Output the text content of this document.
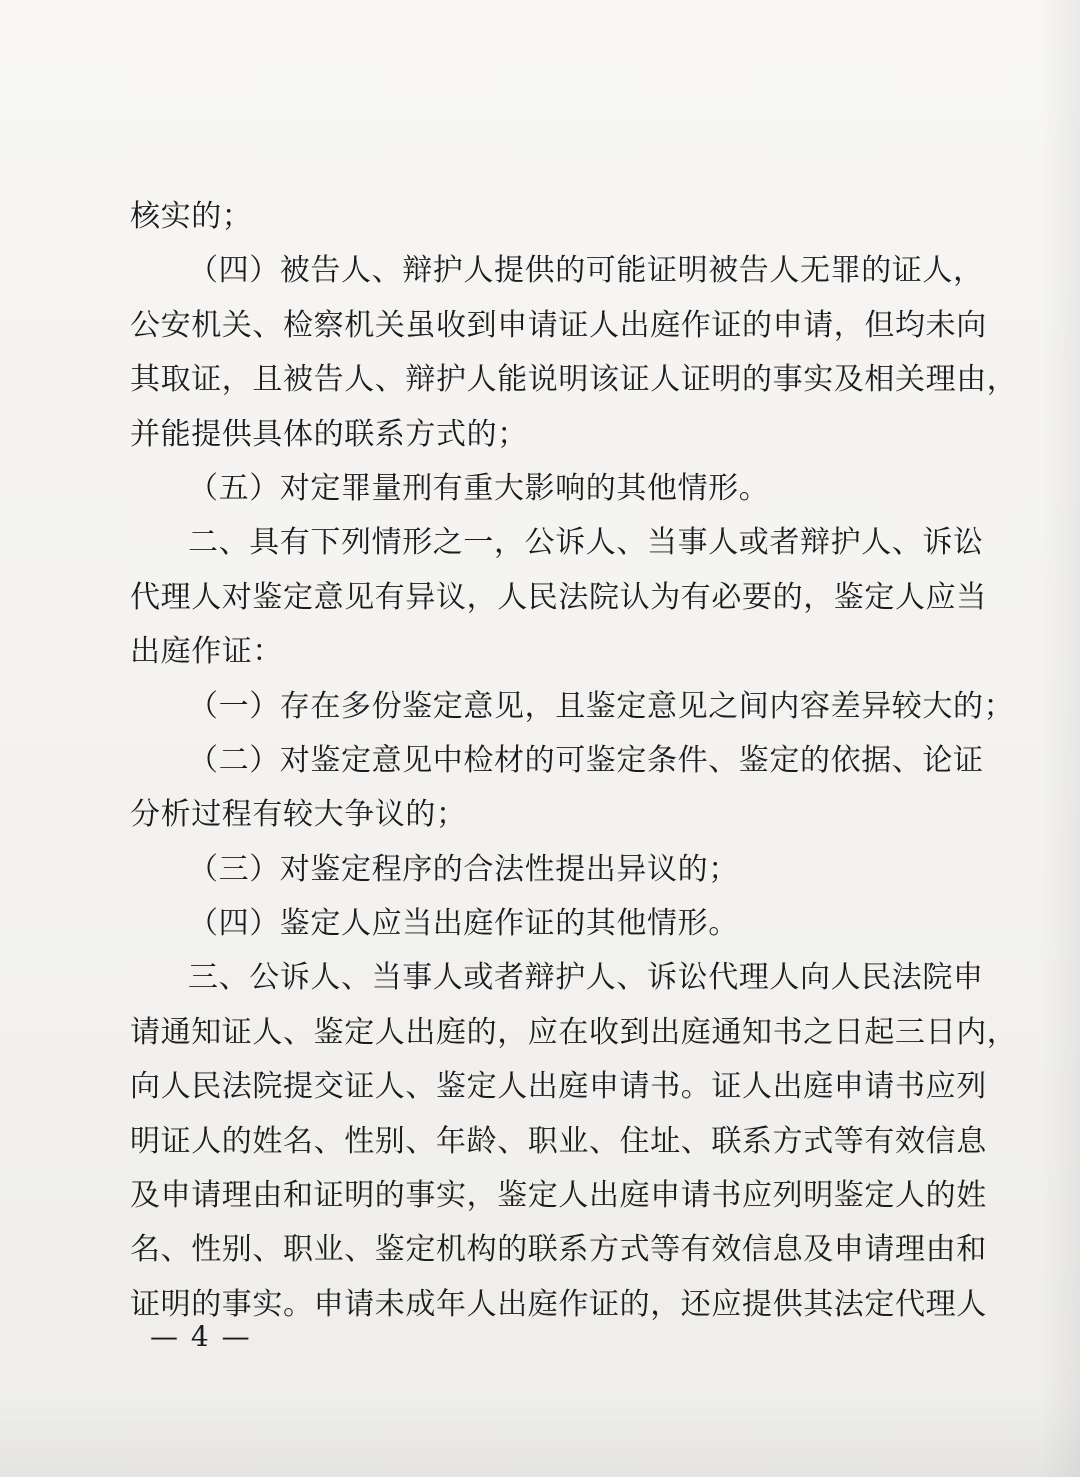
核实的；
（四）被告人、辩护人提供的可能证明被告人无罪的证人，
公安机关、检察机关虽收到申请证人出庭作证的申请，但均未向
其取证，且被告人、辩护人能说明该证人证明的事实及相关理由，
并能提供具体的联系方式的；
（五）对定罪量刑有重大影响的其他情形。
二、具有下列情形之一，公诉人、当事人或者辩护人、诉讼
代理人对鉴定意见有异议，人民法院认为有必要的，鉴定人应当
出庭作证：
（一）存在多份鉴定意见，且鉴定意见之间内容差异较大的；
（二）对鉴定意见中检材的可鉴定条件、鉴定的依据、论证
分析过程有较大争议的；
（三）对鉴定程序的合法性提出异议的；
（四）鉴定人应当出庭作证的其他情形。
三、公诉人、当事人或者辩护人、诉讼代理人向人民法院申
请通知证人、鉴定人出庭的，应在收到出庭通知书之日起三日内，
向人民法院提交证人、鉴定人出庭申请书。证人出庭申请书应列
明证人的姓名、性别、年龄、职业、住址、联系方式等有效信息
及申请理由和证明的事实，鉴定人出庭申请书应列明鉴定人的姓
名、性别、职业、鉴定机构的联系方式等有效信息及申请理由和
证明的事实。申请未成年人出庭作证的，还应提供其法定代理人
— 4 —
